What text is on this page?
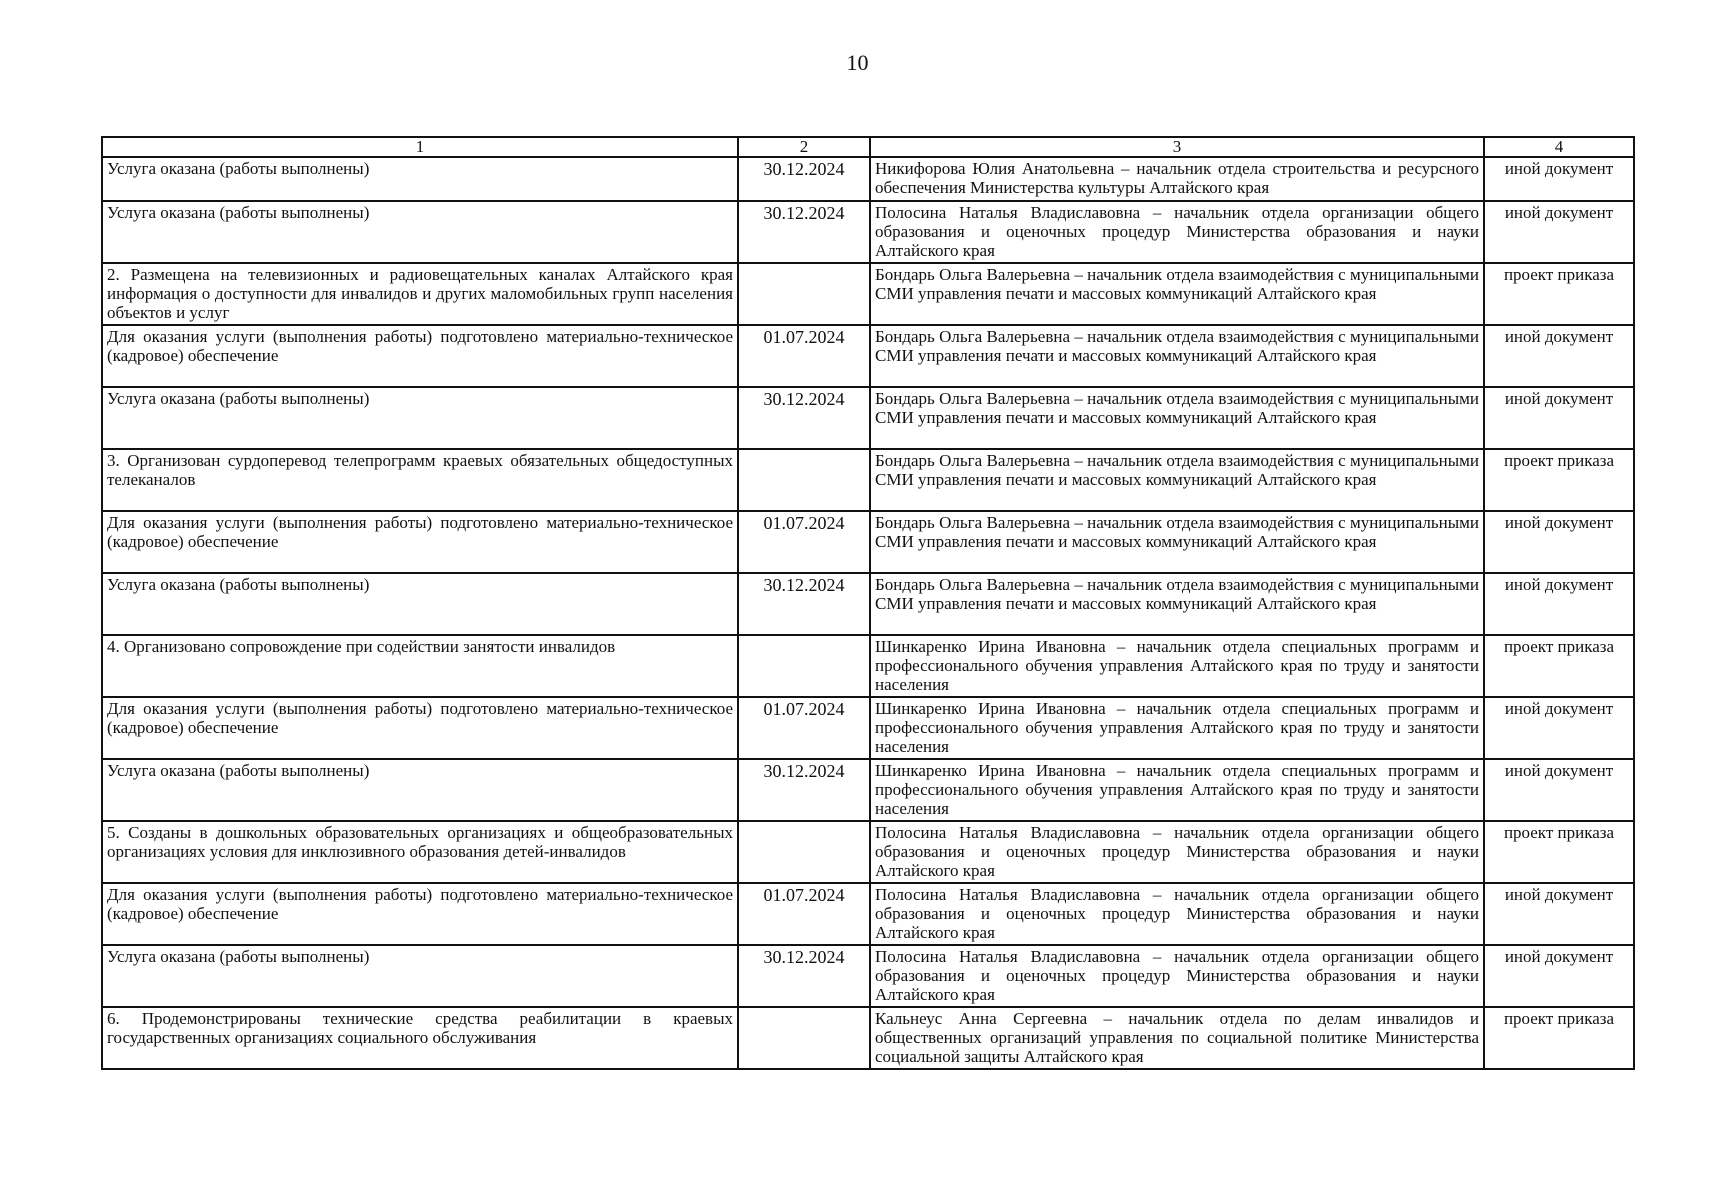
10
1	2	3	4
Услуга оказана (работы выполнены)	30.12.2024	Никифорова Юлия Анатольевна – начальник отдела строительства и ресурсного обеспечения Министерства культуры Алтайского края	иной документ
Услуга оказана (работы выполнены)	30.12.2024	Полосина Наталья Владиславовна – начальник отдела организации общего образования и оценочных процедур Министерства образования и науки Алтайского края	иной документ
2. Размещена на телевизионных и радиовещательных каналах Алтайского края информация о доступности для инвалидов и других маломобильных групп населения объектов и услуг		Бондарь Ольга Валерьевна – начальник отдела взаимодействия с муниципальными СМИ управления печати и массовых коммуникаций Алтайского края	проект приказа
Для оказания услуги (выполнения работы) подготовлено материально-техническое (кадровое) обеспечение	01.07.2024	Бондарь Ольга Валерьевна – начальник отдела взаимодействия с муниципальными СМИ управления печати и массовых коммуникаций Алтайского края	иной документ
Услуга оказана (работы выполнены)	30.12.2024	Бондарь Ольга Валерьевна – начальник отдела взаимодействия с муниципальными СМИ управления печати и массовых коммуникаций Алтайского края	иной документ
3. Организован сурдоперевод телепрограмм краевых обязательных общедоступных телеканалов		Бондарь Ольга Валерьевна – начальник отдела взаимодействия с муниципальными СМИ управления печати и массовых коммуникаций Алтайского края	проект приказа
Для оказания услуги (выполнения работы) подготовлено материально-техническое (кадровое) обеспечение	01.07.2024	Бондарь Ольга Валерьевна – начальник отдела взаимодействия с муниципальными СМИ управления печати и массовых коммуникаций Алтайского края	иной документ
Услуга оказана (работы выполнены)	30.12.2024	Бондарь Ольга Валерьевна – начальник отдела взаимодействия с муниципальными СМИ управления печати и массовых коммуникаций Алтайского края	иной документ
4. Организовано сопровождение при содействии занятости инвалидов		Шинкаренко Ирина Ивановна – начальник отдела специальных программ и профессионального обучения управления Алтайского края по труду и занятости населения	проект приказа
Для оказания услуги (выполнения работы) подготовлено материально-техническое (кадровое) обеспечение	01.07.2024	Шинкаренко Ирина Ивановна – начальник отдела специальных программ и профессионального обучения управления Алтайского края по труду и занятости населения	иной документ
Услуга оказана (работы выполнены)	30.12.2024	Шинкаренко Ирина Ивановна – начальник отдела специальных программ и профессионального обучения управления Алтайского края по труду и занятости населения	иной документ
5. Созданы в дошкольных образовательных организациях и общеобразовательных организациях условия для инклюзивного образования детей-инвалидов		Полосина Наталья Владиславовна – начальник отдела организации общего образования и оценочных процедур Министерства образования и науки Алтайского края	проект приказа
Для оказания услуги (выполнения работы) подготовлено материально-техническое (кадровое) обеспечение	01.07.2024	Полосина Наталья Владиславовна – начальник отдела организации общего образования и оценочных процедур Министерства образования и науки Алтайского края	иной документ
Услуга оказана (работы выполнены)	30.12.2024	Полосина Наталья Владиславовна – начальник отдела организации общего образования и оценочных процедур Министерства образования и науки Алтайского края	иной документ
6. Продемонстрированы технические средства реабилитации в краевых государственных организациях социального обслуживания		Кальнеус Анна Сергеевна – начальник отдела по делам инвалидов и общественных организаций управления по социальной политике Министерства социальной защиты Алтайского края	проект приказа
